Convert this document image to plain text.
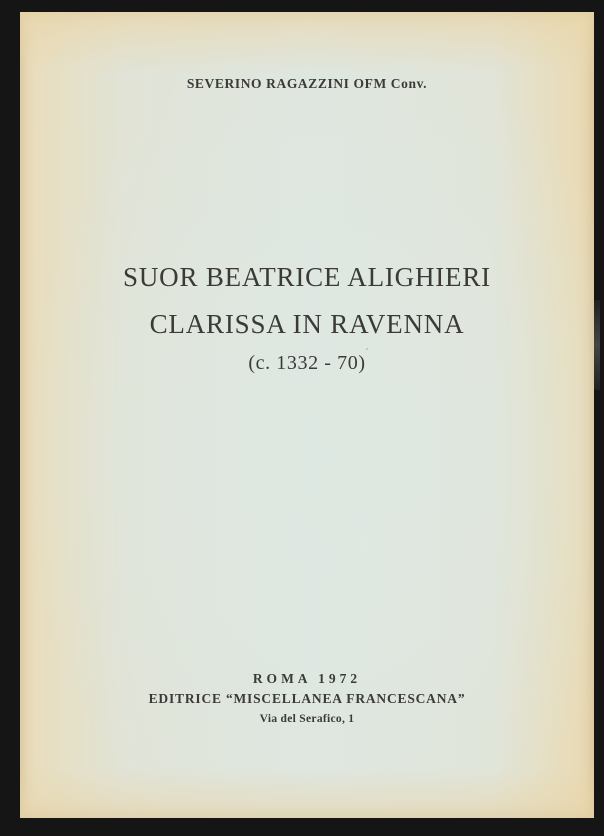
SEVERINO RAGAZZINI OFM Conv.
SUOR BEATRICE ALIGHIERI
CLARISSA IN RAVENNA
(c. 1332 - 70) ′
ROMA 1972
EDITRICE “MISCELLANEA FRANCESCANA”
Via del Serafico, 1
